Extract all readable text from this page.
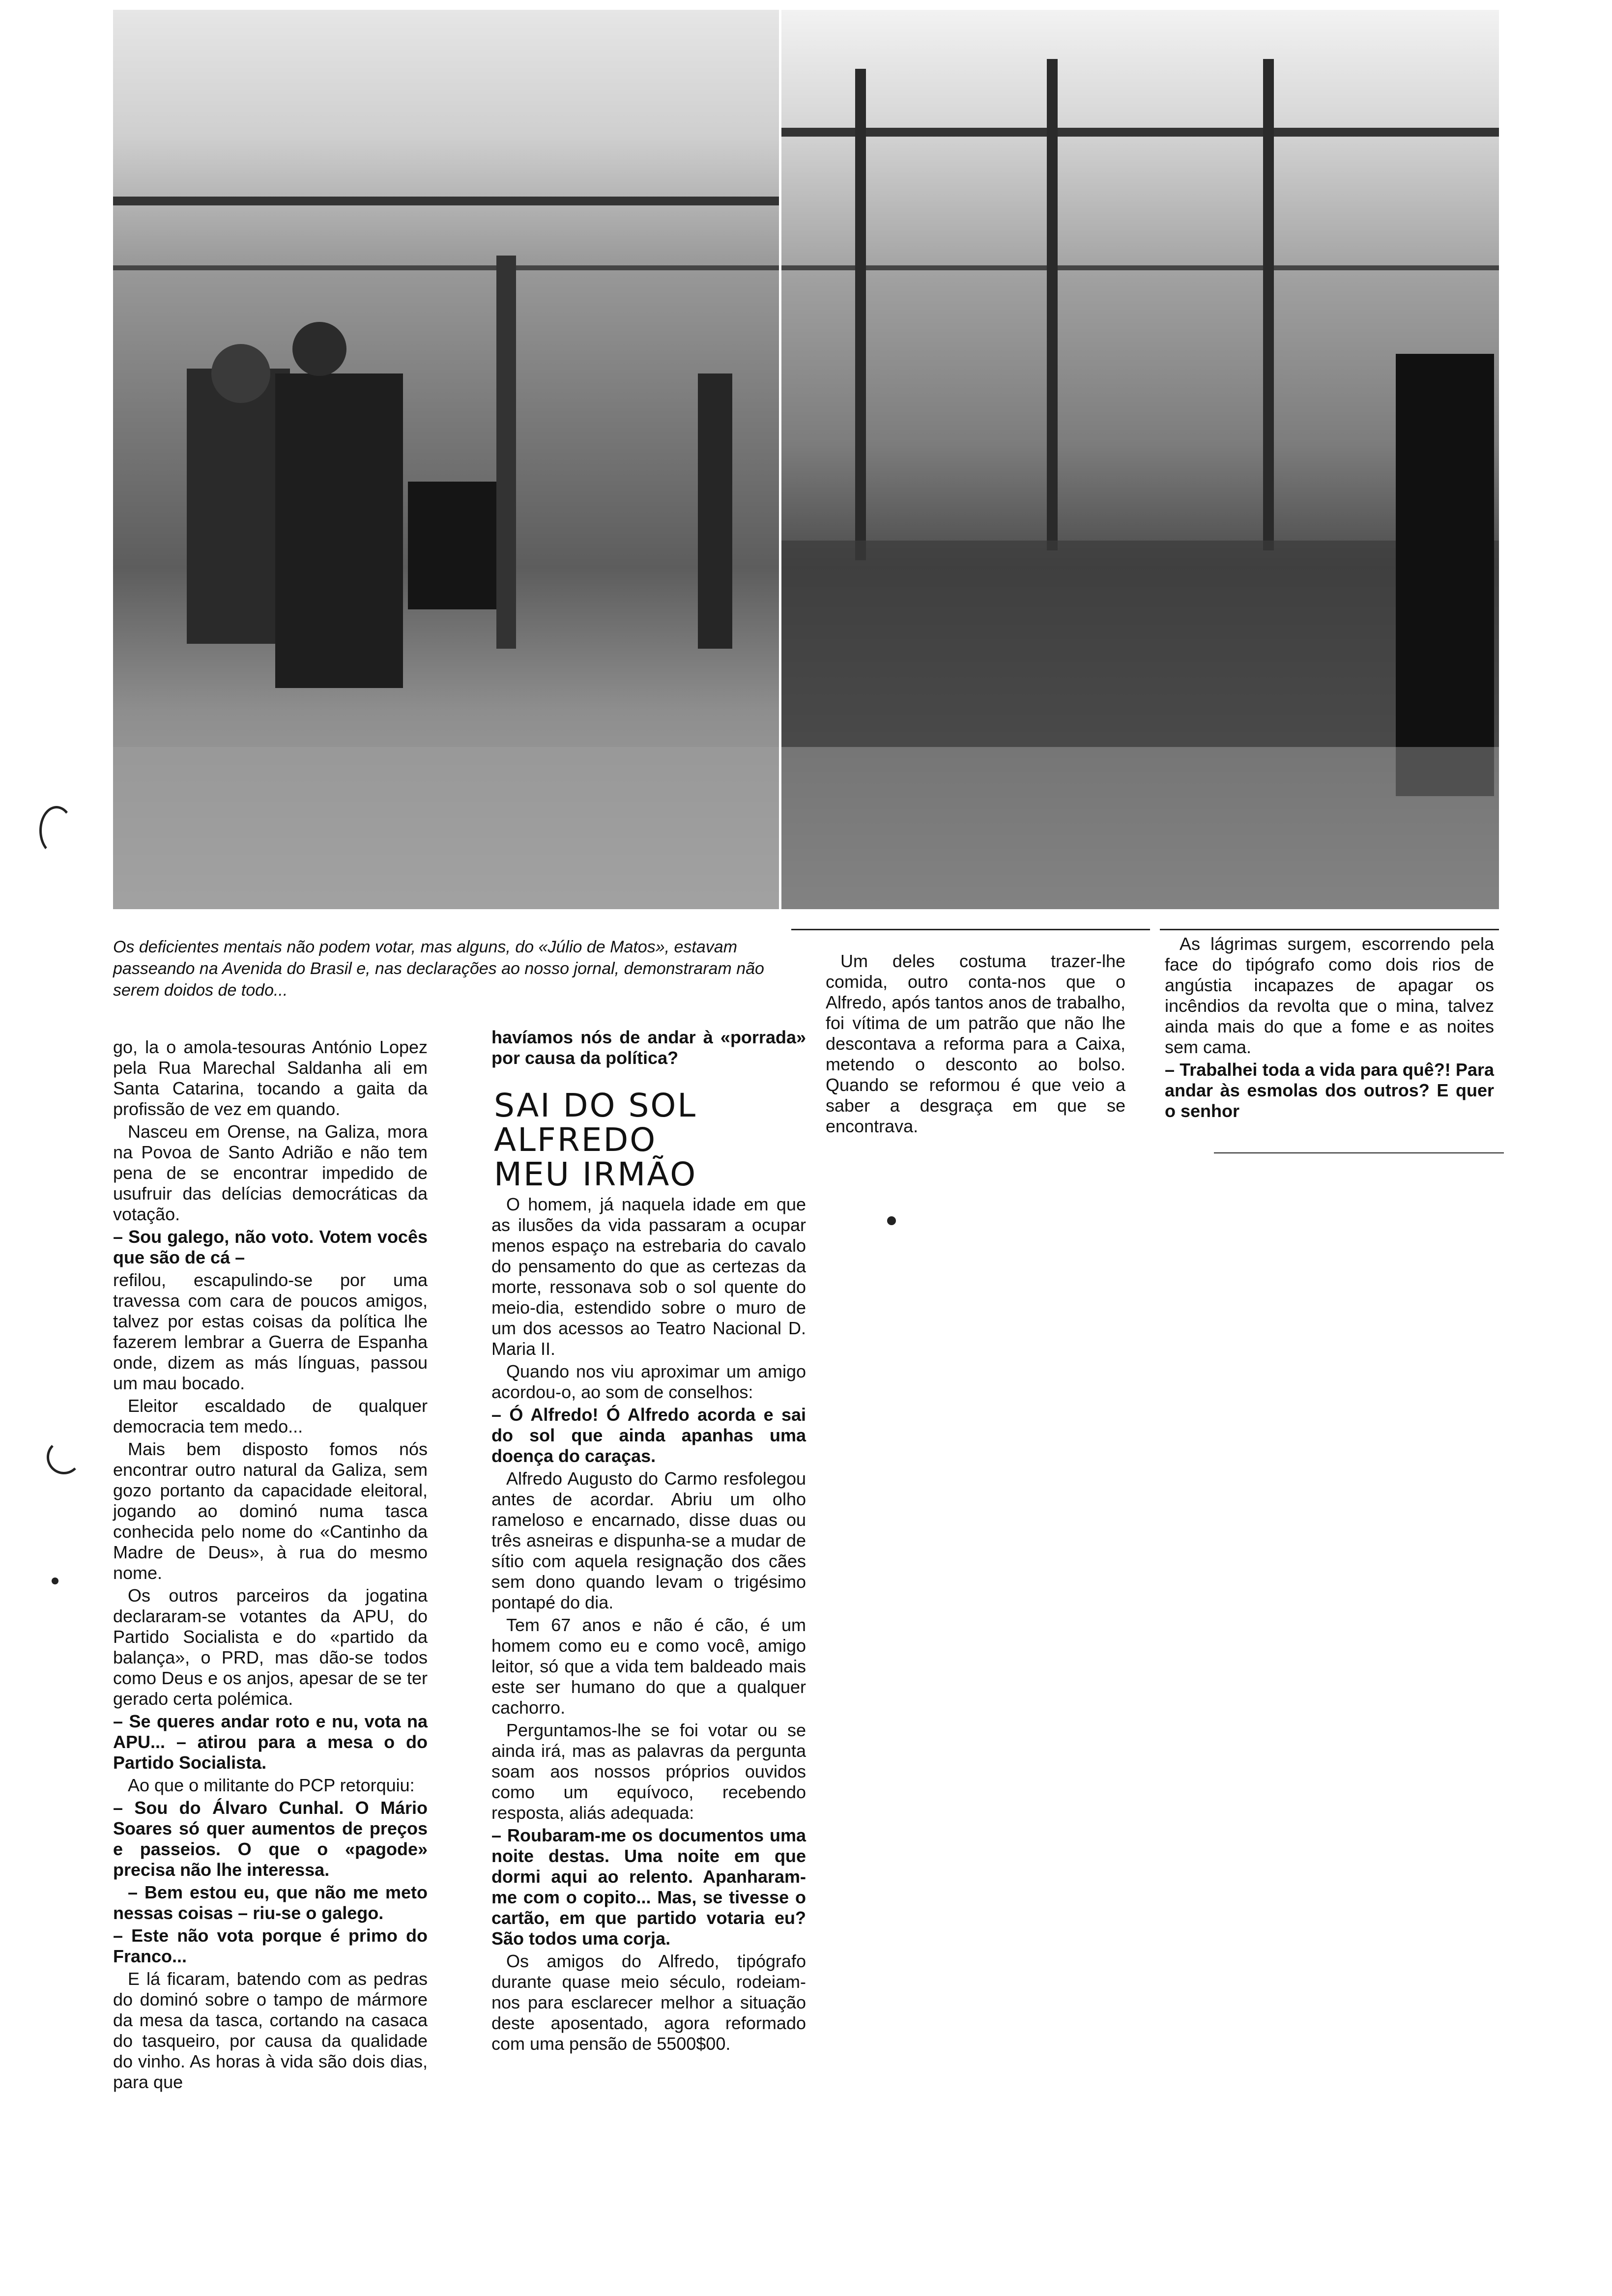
Os deficientes mentais não podem votar, mas alguns, do «Júlio de Matos», estavam passeando na Avenida do Brasil e, nas declarações ao nosso jornal, demonstraram não serem doidos de todo...

go, la o amola-tesouras António Lopez pela Rua Marechal Saldanha ali em Santa Catarina, tocando a gaita da profissão de vez em quando.

Nasceu em Orense, na Galiza, mora na Povoa de Santo Adrião e não tem pena de se encontrar impedido de usufruir das delícias democráticas da votação.

– Sou galego, não voto. Votem vocês que são de cá –

refilou, escapulindo-se por uma travessa com cara de poucos amigos, talvez por estas coisas da política lhe fazerem lembrar a Guerra de Espanha onde, dizem as más línguas, passou um mau bocado.

Eleitor escaldado de qualquer democracia tem medo...

Mais bem disposto fomos nós encontrar outro natural da Galiza, sem gozo portanto da capacidade eleitoral, jogando ao dominó numa tasca conhecida pelo nome do «Cantinho da Madre de Deus», à rua do mesmo nome.

Os outros parceiros da jogatina declararam-se votantes da APU, do Partido Socialista e do «partido da balança», o PRD, mas dão-se todos como Deus e os anjos, apesar de se ter gerado certa polémica.

– Se queres andar roto e nu, vota na APU... – atirou para a mesa o do Partido Socialista.

Ao que o militante do PCP retorquiu:

– Sou do Álvaro Cunhal. O Mário Soares só quer aumentos de preços e passeios. O que o «pagode» precisa não lhe interessa.

– Bem estou eu, que não me meto nessas coisas – riu-se o galego.

– Este não vota porque é primo do Franco...

E lá ficaram, batendo com as pedras do dominó sobre o tampo de mármore da mesa da tasca, cortando na casaca do tasqueiro, por causa da qualidade do vinho. As horas à vida são dois dias, para que

havíamos nós de andar à «porrada» por causa da política?

SAI DO SOL
ALFREDO
MEU IRMÃO

O homem, já naquela idade em que as ilusões da vida passaram a ocupar menos espaço na estrebaria do cavalo do pensamento do que as certezas da morte, ressonava sob o sol quente do meio-dia, estendido sobre o muro de um dos acessos ao Teatro Nacional D. Maria II.

Quando nos viu aproximar um amigo acordou-o, ao som de conselhos:

– Ó Alfredo! Ó Alfredo acorda e sai do sol que ainda apanhas uma doença do caraças.

Alfredo Augusto do Carmo resfolegou antes de acordar. Abriu um olho rameloso e encarnado, disse duas ou três asneiras e dispunha-se a mudar de sítio com aquela resignação dos cães sem dono quando levam o trigésimo pontapé do dia.

Tem 67 anos e não é cão, é um homem como eu e como você, amigo leitor, só que a vida tem baldeado mais este ser humano do que a qualquer cachorro.

Perguntamos-lhe se foi votar ou se ainda irá, mas as palavras da pergunta soam aos nossos próprios ouvidos como um equívoco, recebendo resposta, aliás adequada:

– Roubaram-me os documentos uma noite destas. Uma noite em que dormi aqui ao relento. Apanharam-me com o copito... Mas, se tivesse o cartão, em que partido votaria eu? São todos uma corja.

Os amigos do Alfredo, tipógrafo durante quase meio século, rodeiam-nos para esclarecer melhor a situação deste aposentado, agora reformado com uma pensão de 5500$00.

Um deles costuma trazer-lhe comida, outro conta-nos que o Alfredo, após tantos anos de trabalho, foi vítima de um patrão que não lhe descontava a reforma para a Caixa, metendo o desconto ao bolso. Quando se reformou é que veio a saber a desgraça em que se encontrava.

As lágrimas surgem, escorrendo pela face do tipógrafo como dois rios de angústia incapazes de apagar os incêndios da revolta que o mina, talvez ainda mais do que a fome e as noites sem cama.

– Trabalhei toda a vida para quê?! Para andar às esmolas dos outros? E quer o senhor
